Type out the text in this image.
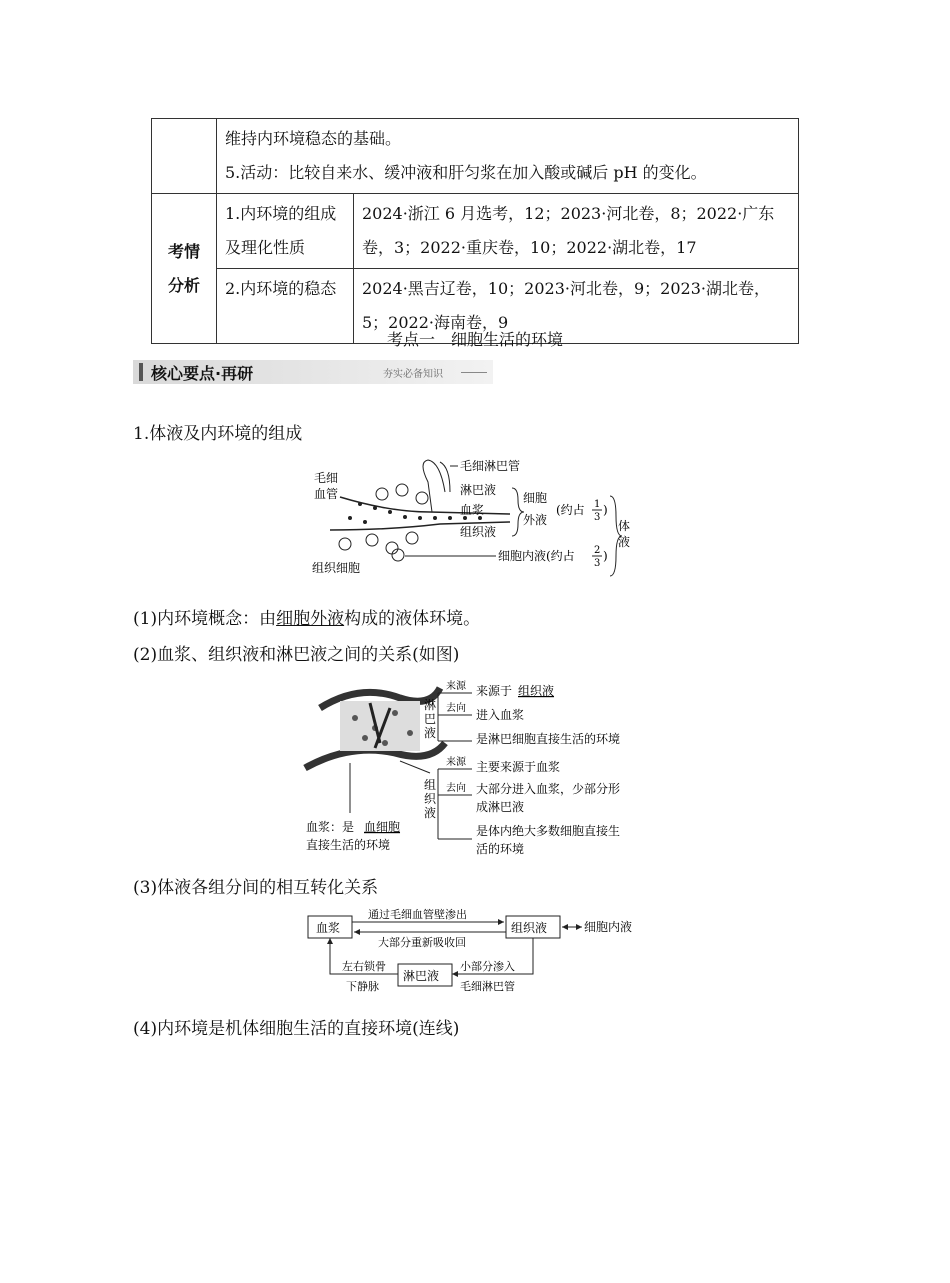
	维持内环境稳态的基础。
5.活动：比较自来水、缓冲液和肝匀浆在加入酸或碱后 pH 的变化。	

考情分析	1.内环境的组成及理化性质	2024·浙江 6 月选考，12；2023·河北卷，8；2022·广东卷，3；2022·重庆卷，10；2022·湖北卷，17
	2.内环境的稳态	2024·黑吉辽卷，10；2023·河北卷，9；2023·湖北卷，5；2022·海南卷，9
考点一　细胞生活的环境
核心要点·再研	夯实必备知识
1.体液及内环境的组成
毛细
血管
组织细胞
毛细淋巴管
淋巴液
血浆
组织液
细胞
外液
(约占 1
3
)
体
液
细胞内液(约占 2
3
)
(1)内环境概念：由细胞外液构成的液体环境。
(2)血浆、组织液和淋巴液之间的关系(如图)
血浆：是 血细胞
直接生活的环境
淋
巴
液
来源
去向
来源于 组织液
进入血浆
是淋巴细胞直接生活的环境
组
织
液
来源
去向
主要来源于血浆
大部分进入血浆，少部分形
成淋巴液
是体内绝大多数细胞直接生
活的环境
(3)体液各组分间的相互转化关系
血浆	组织液
淋巴液
通过毛细血管壁渗出
大部分重新吸收回
细胞内液
小部分渗入
毛细淋巴管
左右锁骨
下静脉
(4)内环境是机体细胞生活的直接环境(连线)
